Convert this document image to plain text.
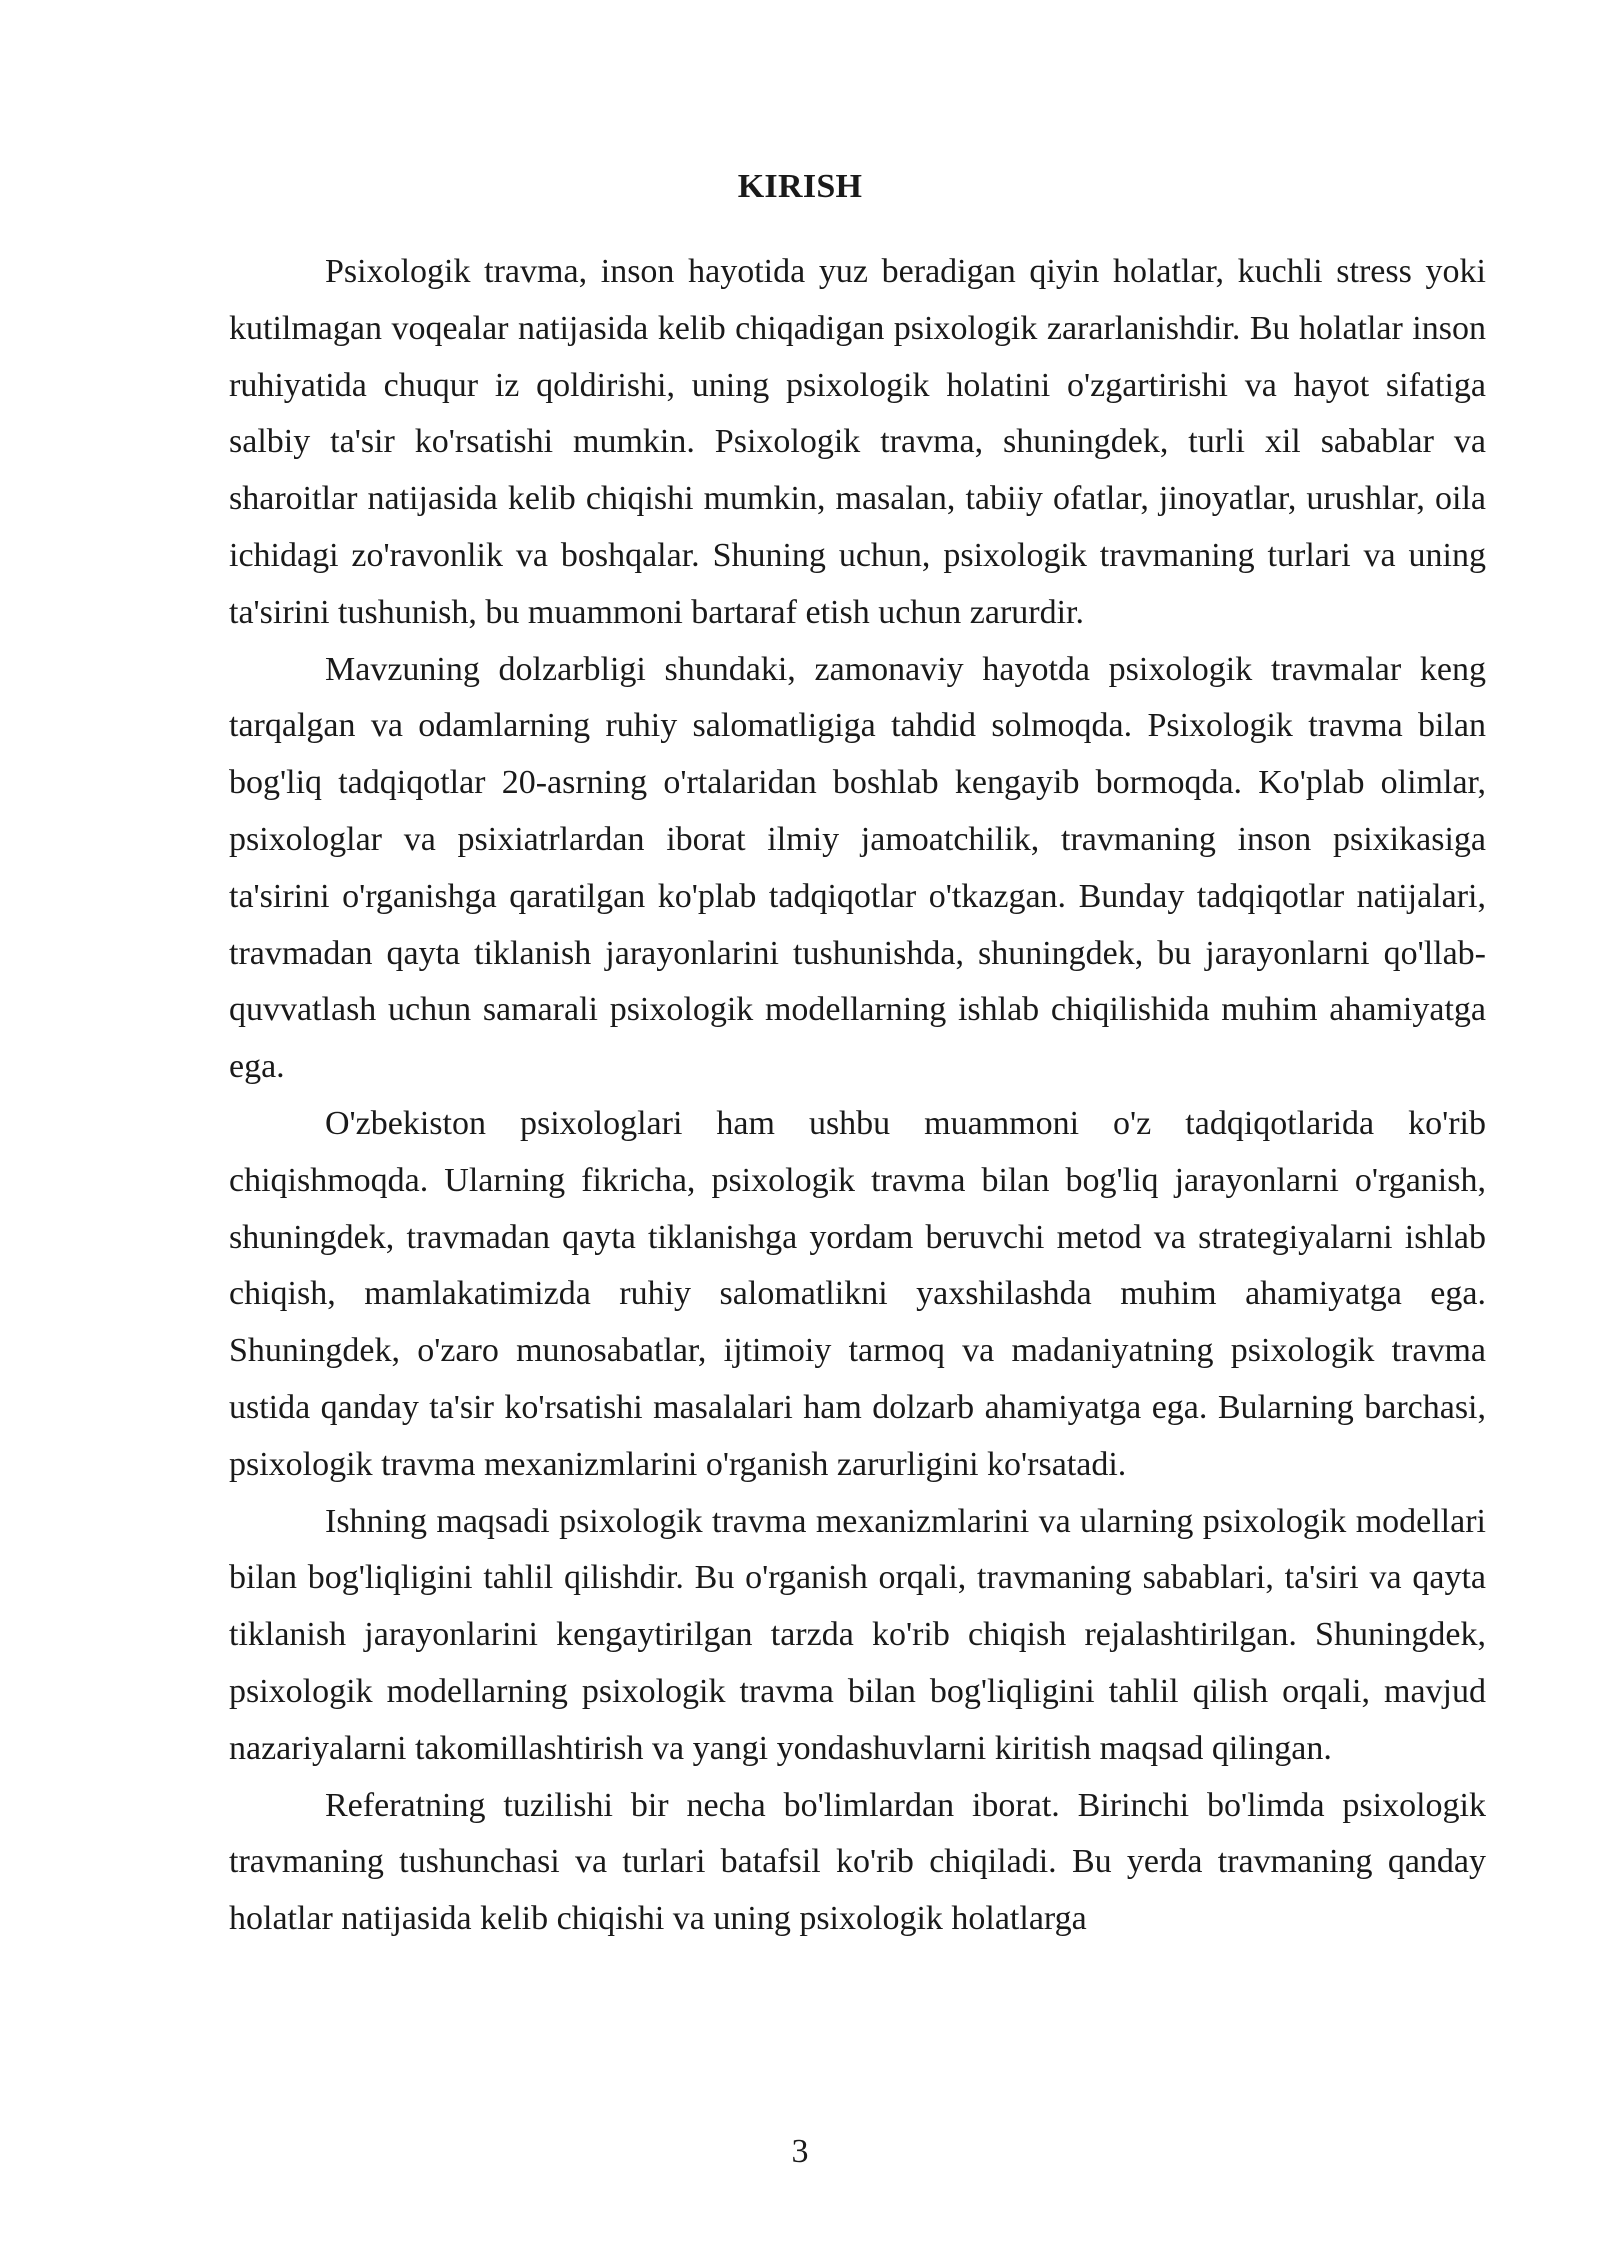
KIRISH

Psixologik travma, inson hayotida yuz beradigan qiyin holatlar, kuchli stress yoki kutilmagan voqealar natijasida kelib chiqadigan psixologik zararlanishdir. Bu holatlar inson ruhiyatida chuqur iz qoldirishi, uning psixologik holatini o'zgartirishi va hayot sifatiga salbiy ta'sir ko'rsatishi mumkin. Psixologik travma, shuningdek, turli xil sabablar va sharoitlar natijasida kelib chiqishi mumkin, masalan, tabiiy ofatlar, jinoyatlar, urushlar, oila ichidagi zo'ravonlik va boshqalar. Shuning uchun, psixologik travmaning turlari va uning ta'sirini tushunish, bu muammoni bartaraf etish uchun zarurdir.

Mavzuning dolzarbligi shundaki, zamonaviy hayotda psixologik travmalar keng tarqalgan va odamlarning ruhiy salomatligiga tahdid solmoqda. Psixologik travma bilan bog'liq tadqiqotlar 20-asrning o'rtalaridan boshlab kengayib bormoqda. Ko'plab olimlar, psixologlar va psixiatrlardan iborat ilmiy jamoatchilik, travmaning inson psixikasiga ta'sirini o'rganishga qaratilgan ko'plab tadqiqotlar o'tkazgan. Bunday tadqiqotlar natijalari, travmadan qayta tiklanish jarayonlarini tushunishda, shuningdek, bu jarayonlarni qo'llab-quvvatlash uchun samarali psixologik modellarning ishlab chiqilishida muhim ahamiyatga ega.

O'zbekiston psixologlari ham ushbu muammoni o'z tadqiqotlarida ko'rib chiqishmoqda. Ularning fikricha, psixologik travma bilan bog'liq jarayonlarni o'rganish, shuningdek, travmadan qayta tiklanishga yordam beruvchi metod va strategiyalarni ishlab chiqish, mamlakatimizda ruhiy salomatlikni yaxshilashda muhim ahamiyatga ega. Shuningdek, o'zaro munosabatlar, ijtimoiy tarmoq va madaniyatning psixologik travma ustida qanday ta'sir ko'rsatishi masalalari ham dolzarb ahamiyatga ega. Bularning barchasi, psixologik travma mexanizmlarini o'rganish zarurligini ko'rsatadi.

Ishning maqsadi psixologik travma mexanizmlarini va ularning psixologik modellari bilan bog'liqligini tahlil qilishdir. Bu o'rganish orqali, travmaning sabablari, ta'siri va qayta tiklanish jarayonlarini kengaytirilgan tarzda ko'rib chiqish rejalashtirilgan. Shuningdek, psixologik modellarning psixologik travma bilan bog'liqligini tahlil qilish orqali, mavjud nazariyalarni takomillashtirish va yangi yondashuvlarni kiritish maqsad qilingan.

Referatning tuzilishi bir necha bo'limlardan iborat. Birinchi bo'limda psixologik travmaning tushunchasi va turlari batafsil ko'rib chiqiladi. Bu yerda travmaning qanday holatlar natijasida kelib chiqishi va uning psixologik holatlarga

3
